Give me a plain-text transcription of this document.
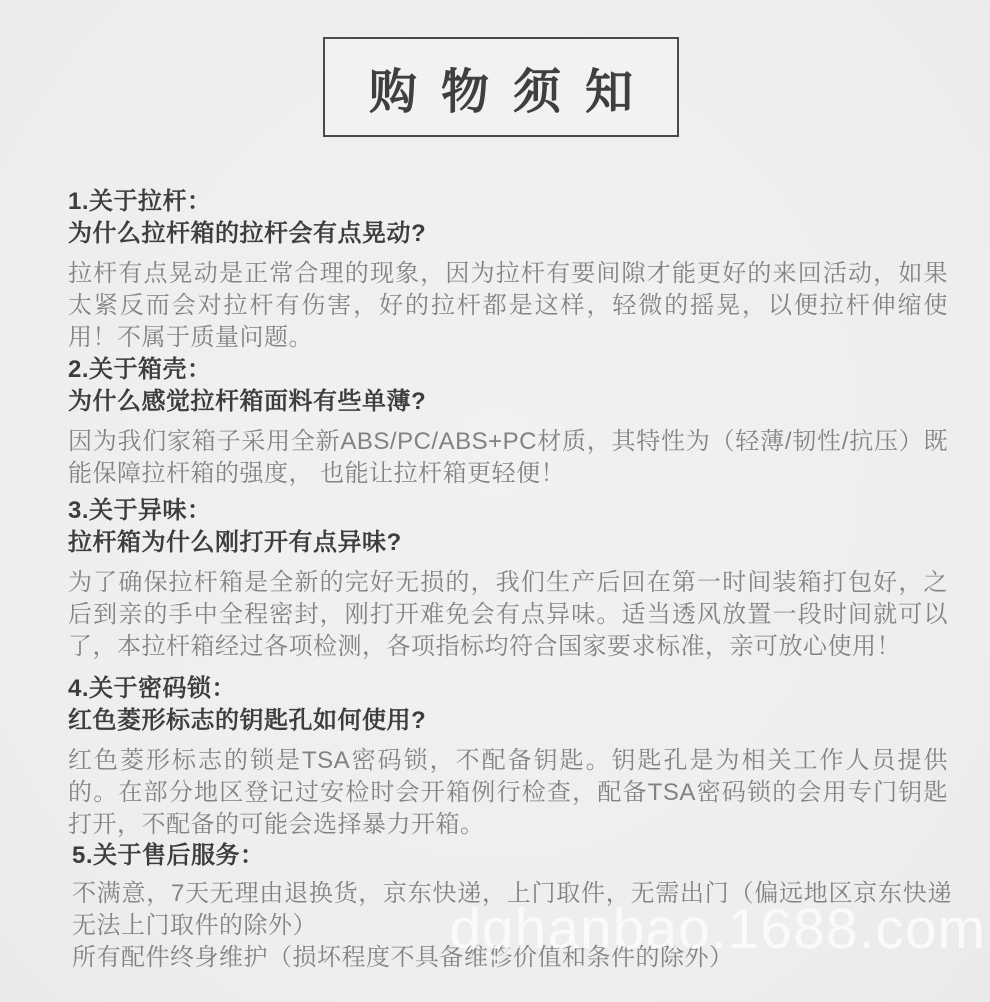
购物须知
1.关于拉杆：
为什么拉杆箱的拉杆会有点晃动?

拉杆有点晃动是正常合理的现象，因为拉杆有要间隙才能更好的来回活动，如果太紧反而会对拉杆有伤害，好的拉杆都是这样，轻微的摇晃，以便拉杆伸缩使用！不属于质量问题。

2.关于箱壳：
为什么感觉拉杆箱面料有些单薄?

因为我们家箱子采用全新ABS/PC/ABS+PC材质，其特性为（轻薄/韧性/抗压）既能保障拉杆箱的强度， 也能让拉杆箱更轻便！

3.关于异味：
拉杆箱为什么刚打开有点异味?

为了确保拉杆箱是全新的完好无损的，我们生产后回在第一时间装箱打包好，之后到亲的手中全程密封，刚打开难免会有点异味。适当透风放置一段时间就可以了，本拉杆箱经过各项检测，各项指标均符合国家要求标准，亲可放心使用！

4.关于密码锁：
红色菱形标志的钥匙孔如何使用?

红色菱形标志的锁是TSA密码锁，不配备钥匙。钥匙孔是为相关工作人员提供的。在部分地区登记过安检时会开箱例行检查，配备TSA密码锁的会用专门钥匙打开，不配备的可能会选择暴力开箱。

5.关于售后服务：

不满意，7天无理由退换货，京东快递，上门取件，无需出门（偏远地区京东快递无法上门取件的除外）

所有配件终身维护（损坏程度不具备维修价值和条件的除外）

dghanbao.1688.com
